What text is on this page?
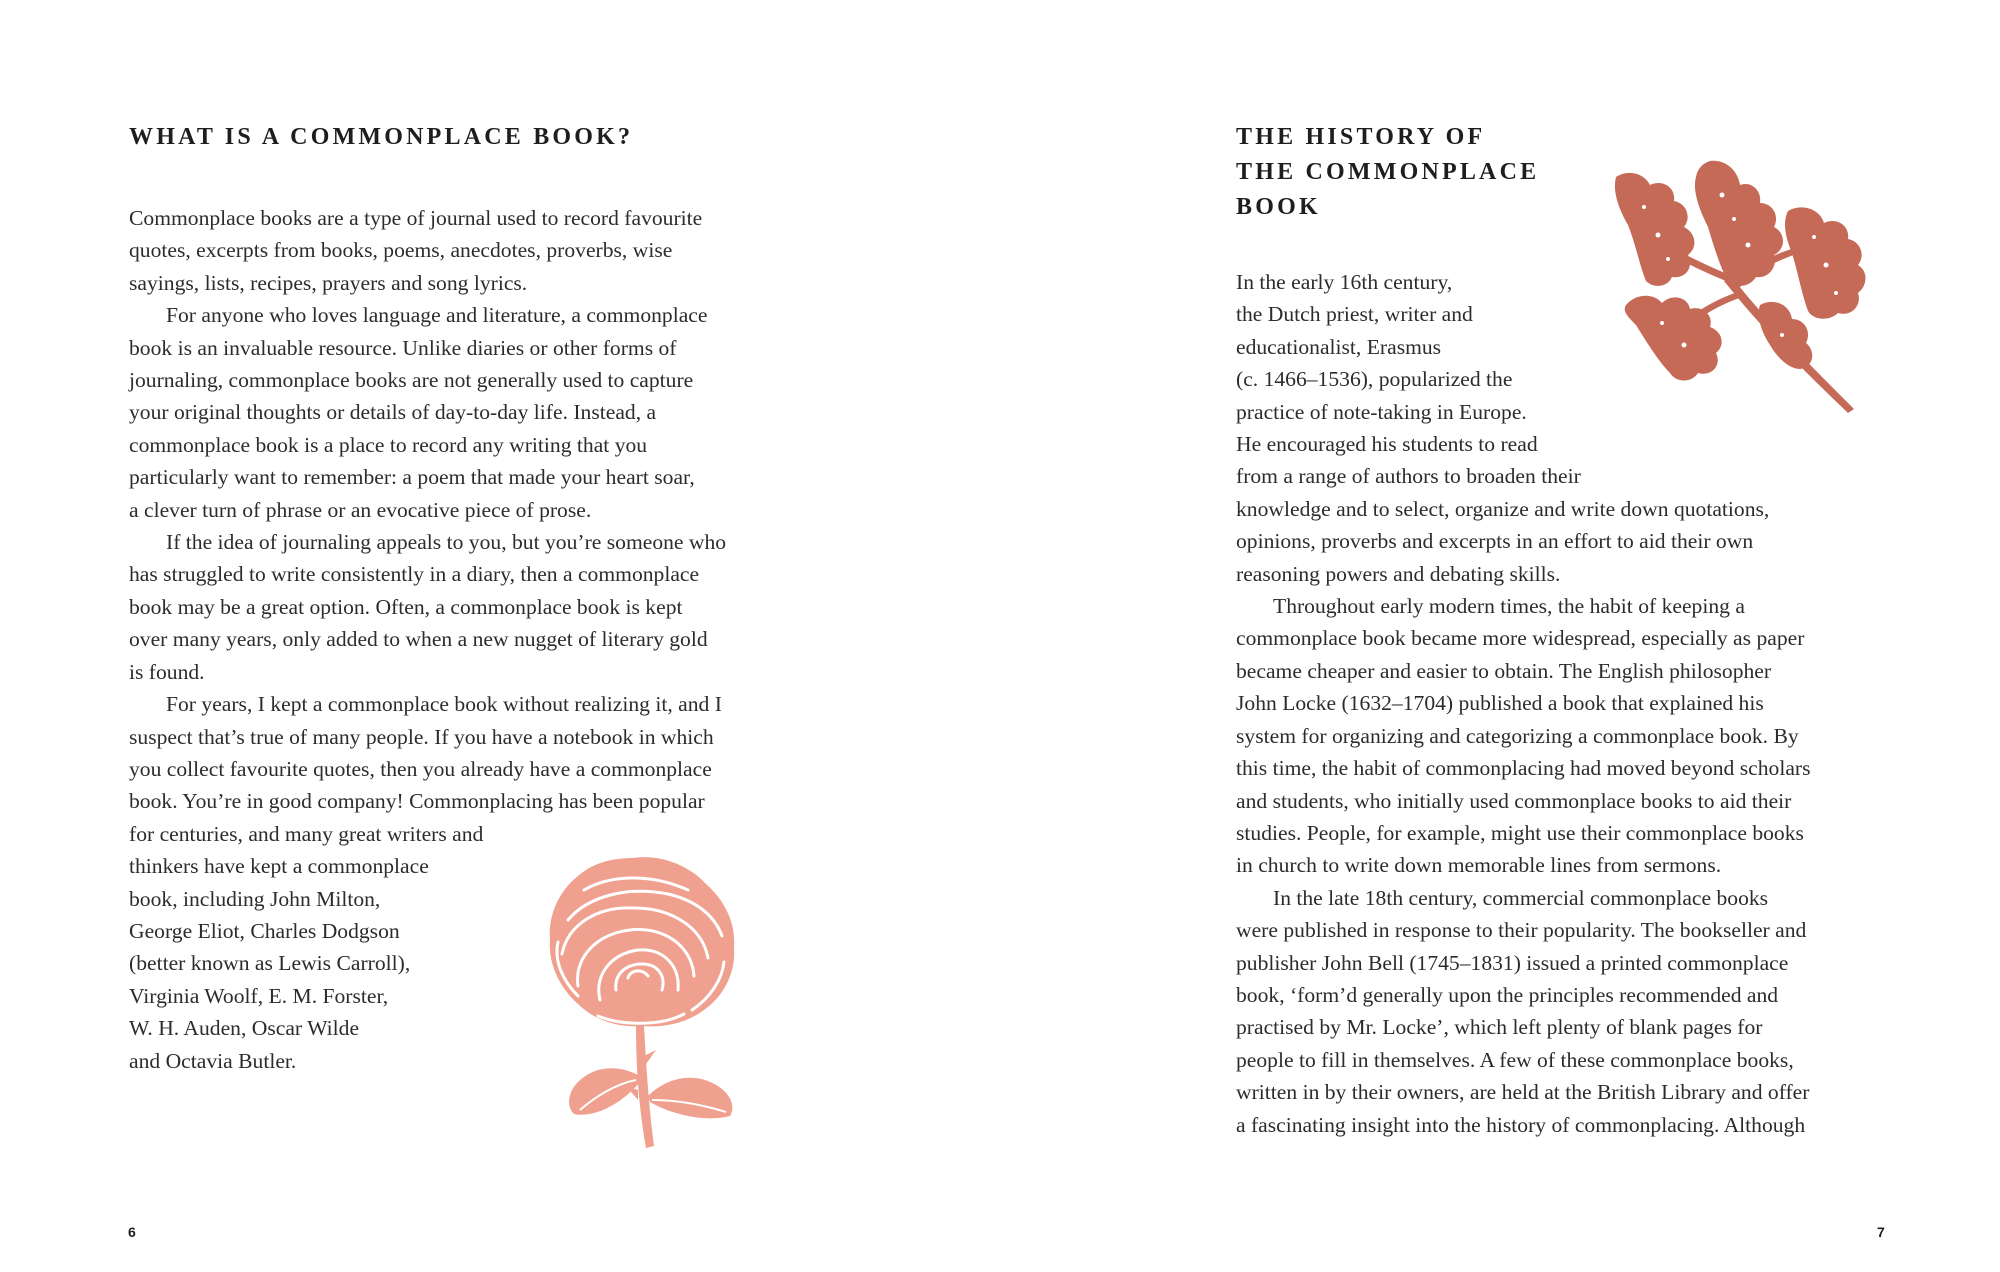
WHAT IS A COMMONPLACE BOOK?
Commonplace books are a type of journal used to record favourite
quotes, excerpts from books, poems, anecdotes, proverbs, wise
sayings, lists, recipes, prayers and song lyrics.
For anyone who loves language and literature, a commonplace
book is an invaluable resource. Unlike diaries or other forms of
journaling, commonplace books are not generally used to capture
your original thoughts or details of day-to-day life. Instead, a
commonplace book is a place to record any writing that you
particularly want to remember: a poem that made your heart soar,
a clever turn of phrase or an evocative piece of prose.
If the idea of journaling appeals to you, but you’re someone who
has struggled to write consistently in a diary, then a commonplace
book may be a great option. Often, a commonplace book is kept
over many years, only added to when a new nugget of literary gold
is found.
For years, I kept a commonplace book without realizing it, and I
suspect that’s true of many people. If you have a notebook in which
you collect favourite quotes, then you already have a commonplace
book. You’re in good company! Commonplacing has been popular
for centuries, and many great writers and
thinkers have kept a commonplace
book, including John Milton,
George Eliot, Charles Dodgson
(better known as Lewis Carroll),
Virginia Woolf, E. M. Forster,
W. H. Auden, Oscar Wilde
and Octavia Butler.
6
THE HISTORY OF
THE COMMONPLACE
BOOK
In the early 16th century,
the Dutch priest, writer and
educationalist, Erasmus
(c. 1466–1536), popularized the
practice of note-taking in Europe.
He encouraged his students to read
from a range of authors to broaden their
knowledge and to select, organize and write down quotations,
opinions, proverbs and excerpts in an effort to aid their own
reasoning powers and debating skills.
Throughout early modern times, the habit of keeping a
commonplace book became more widespread, especially as paper
became cheaper and easier to obtain. The English philosopher
John Locke (1632–1704) published a book that explained his
system for organizing and categorizing a commonplace book. By
this time, the habit of commonplacing had moved beyond scholars
and students, who initially used commonplace books to aid their
studies. People, for example, might use their commonplace books
in church to write down memorable lines from sermons.
In the late 18th century, commercial commonplace books
were published in response to their popularity. The bookseller and
publisher John Bell (1745–1831) issued a printed commonplace
book, ‘form’d generally upon the principles recommended and
practised by Mr. Locke’, which left plenty of blank pages for
people to fill in themselves. A few of these commonplace books,
written in by their owners, are held at the British Library and offer
a fascinating insight into the history of commonplacing. Although
7
